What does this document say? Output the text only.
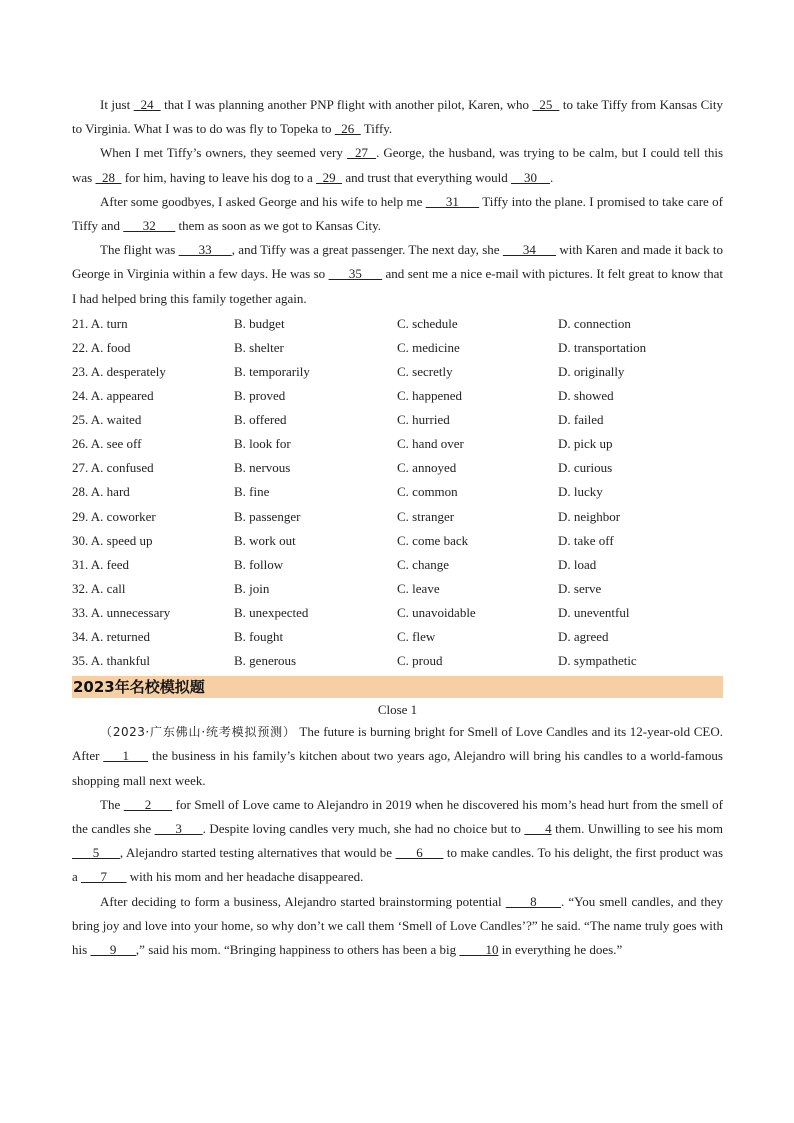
It just   24   that I was planning another PNP flight with another pilot, Karen, who   25   to take Tiffy from Kansas City to Virginia. What I was to do was fly to Topeka to   26   Tiffy.

When I met Tiffy’s owners, they seemed very   27  . George, the husband, was trying to be calm, but I could tell this was   28   for him, having to leave his dog to a   29   and trust that everything would     30    .

After some goodbyes, I asked George and his wife to help me       31       Tiffy into the plane. I promised to take care of Tiffy and       32       them as soon as we got to Kansas City.

The flight was       33      , and Tiffy was a great passenger. The next day, she       34       with Karen and made it back to George in Virginia within a few days. He was so       35       and sent me a nice e-mail with pictures. It felt great to know that I had helped bring this family together again.

21. A. turn	B. budget	C. schedule	D. connection
22. A. food	B. shelter	C. medicine	D. transportation
23. A. desperately	B. temporarily	C. secretly	D. originally
24. A. appeared	B. proved	C. happened	D. showed
25. A. waited	B. offered	C. hurried	D. failed
26. A. see off	B. look for	C. hand over	D. pick up
27. A. confused	B. nervous	C. annoyed	D. curious
28. A. hard	B. fine	C. common	D. lucky
29. A. coworker	B. passenger	C. stranger	D. neighbor
30. A. speed up	B. work out	C. come back	D. take off
31. A. feed	B. follow	C. change	D. load
32. A. call	B. join	C. leave	D. serve
33. A. unnecessary	B. unexpected	C. unavoidable	D. uneventful
34. A. returned	B. fought	C. flew	D. agreed
35. A. thankful	B. generous	C. proud	D. sympathetic
2023年名校模拟题
Close 1

（2023·广东佛山·统考模拟预测） The future is burning bright for Smell of Love Candles and its 12-year-old CEO. After      1      the business in his family’s kitchen about two years ago, Alejandro will bring his candles to a world-famous shopping mall next week.

The       2       for Smell of Love came to Alejandro in 2019 when he discovered his mom’s head hurt from the smell of the candles she       3      . Despite loving candles very much, she had no choice but to       4 them. Unwilling to see his mom       5      , Alejandro started testing alternatives that would be       6       to make candles. To his delight, the first product was a       7       with his mom and her headache disappeared.

After deciding to form a business, Alejandro started brainstorming potential       8      . “You smell candles, and they bring joy and love into your home, so why don’t we call them ‘Smell of Love Candles’?” he said. “The name truly goes with his       9      ,” said his mom. “Bringing happiness to others has been a big         10 in everything he does.”
